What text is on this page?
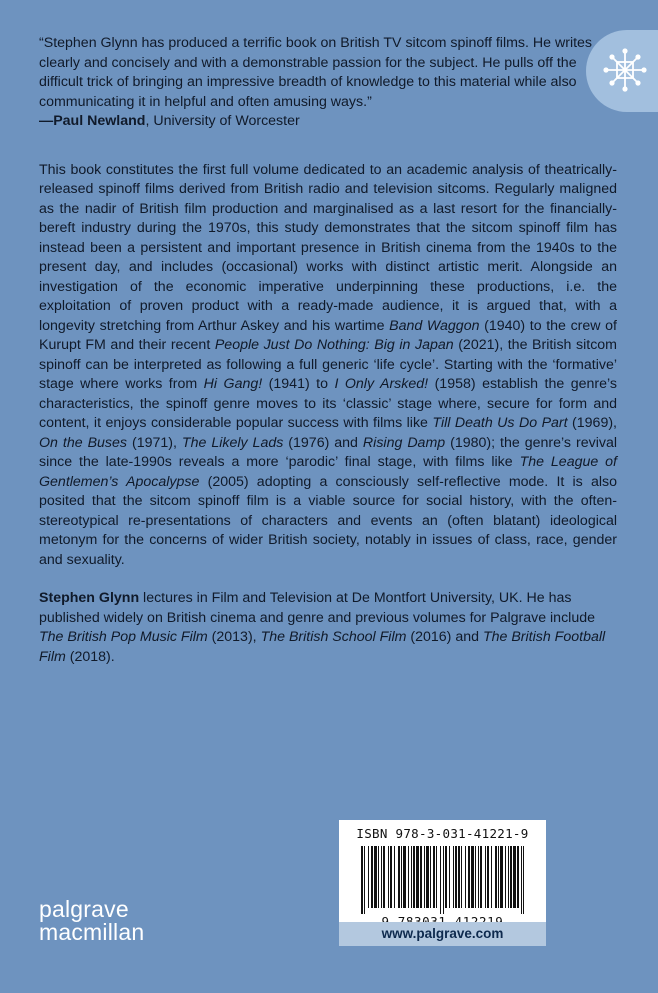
“Stephen Glynn has produced a terrific book on British TV sitcom spinoff films. He writes clearly and concisely and with a demonstrable passion for the subject. He pulls off the difficult trick of bringing an impressive breadth of knowledge to this material while also communicating it in helpful and often amusing ways.”

—Paul Newland, University of Worcester

This book constitutes the first full volume dedicated to an academic analysis of theatrically-released spinoff films derived from British radio and television sitcoms. Regularly maligned as the nadir of British film production and marginalised as a last resort for the financially-bereft industry during the 1970s, this study demonstrates that the sitcom spinoff film has instead been a persistent and important presence in British cinema from the 1940s to the present day, and includes (occasional) works with distinct artistic merit. Alongside an investigation of the economic imperative underpinning these productions, i.e. the exploitation of proven product with a ready-made audience, it is argued that, with a longevity stretching from Arthur Askey and his wartime Band Waggon (1940) to the crew of Kurupt FM and their recent People Just Do Nothing: Big in Japan (2021), the British sitcom spinoff can be interpreted as following a full generic ‘life cycle’. Starting with the ‘formative’ stage where works from Hi Gang! (1941) to I Only Arsked! (1958) establish the genre’s characteristics, the spinoff genre moves to its ‘classic’ stage where, secure for form and content, it enjoys considerable popular success with films like Till Death Us Do Part (1969), On the Buses (1971), The Likely Lads (1976) and Rising Damp (1980); the genre’s revival since the late-1990s reveals a more ‘parodic’ final stage, with films like The League of Gentlemen’s Apocalypse (2005) adopting a consciously self-reflective mode. It is also posited that the sitcom spinoff film is a viable source for social history, with the often-stereotypical re-presentations of characters and events an (often blatant) ideological metonym for the concerns of wider British society, notably in issues of class, race, gender and sexuality.
Stephen Glynn lectures in Film and Television at De Montfort University, UK. He has published widely on British cinema and genre and previous volumes for Palgrave include The British Pop Music Film (2013), The British School Film (2016) and The British Football Film (2018).
ISBN 978-3-031-41221-9
www.palgrave.com
palgrave
macmillan
